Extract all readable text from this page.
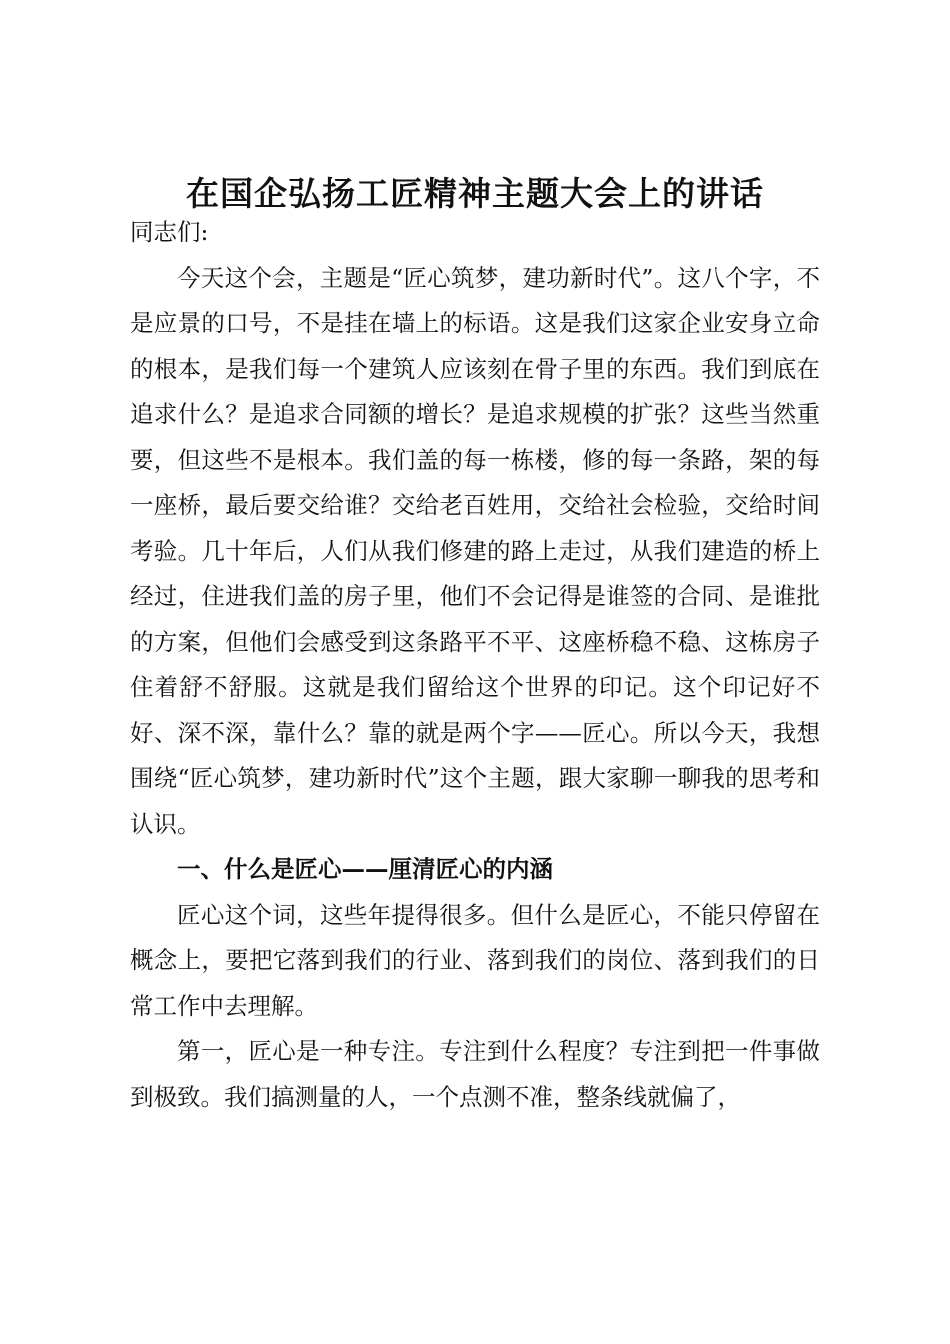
在国企弘扬工匠精神主题大会上的讲话

同志们:

今天这个会，主题是“匠心筑梦，建功新时代”。这八个字，不是应景的口号，不是挂在墙上的标语。这是我们这家企业安身立命的根本，是我们每一个建筑人应该刻在骨子里的东西。我们到底在追求什么？是追求合同额的增长？是追求规模的扩张？这些当然重要，但这些不是根本。我们盖的每一栋楼，修的每一条路，架的每一座桥，最后要交给谁？交给老百姓用，交给社会检验，交给时间考验。几十年后，人们从我们修建的路上走过，从我们建造的桥上经过，住进我们盖的房子里，他们不会记得是谁签的合同、是谁批的方案，但他们会感受到这条路平不平、这座桥稳不稳、这栋房子住着舒不舒服。这就是我们留给这个世界的印记。这个印记好不好、深不深，靠什么？靠的就是两个字——匠心。所以今天，我想围绕“匠心筑梦，建功新时代”这个主题，跟大家聊一聊我的思考和认识。

一、什么是匠心——厘清匠心的内涵

匠心这个词，这些年提得很多。但什么是匠心，不能只停留在概念上，要把它落到我们的行业、落到我们的岗位、落到我们的日常工作中去理解。

第一，匠心是一种专注。专注到什么程度？专注到把一件事做到极致。我们搞测量的人，一个点测不准，整条线就偏了，
